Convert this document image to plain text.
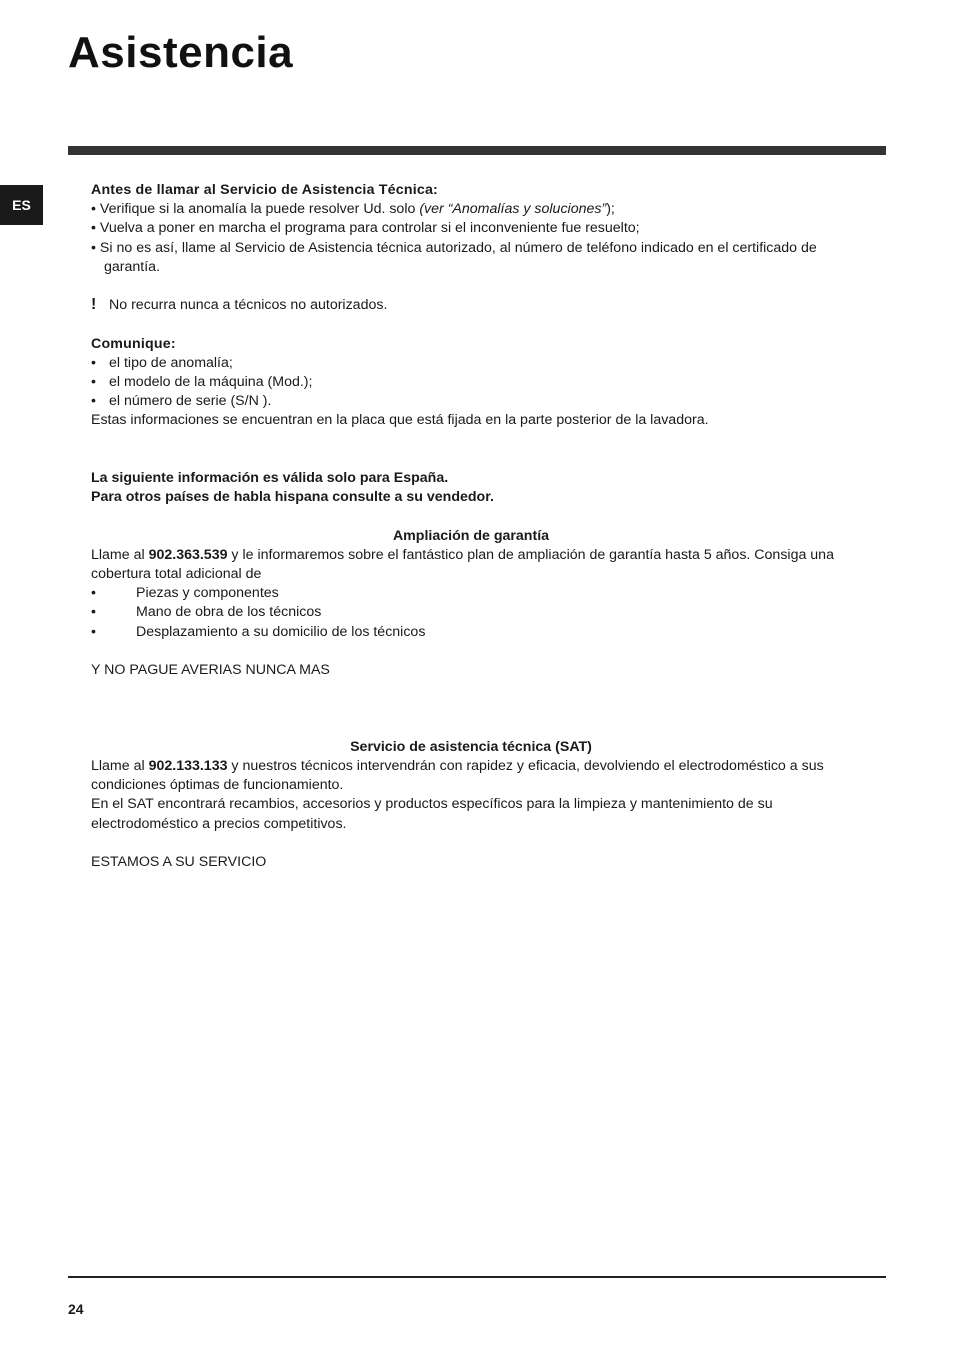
Asistencia
ES

Antes de llamar al Servicio de Asistencia Técnica:

• Verifique si la anomalía la puede resolver Ud. solo (ver “Anomalías y soluciones”);

• Vuelva a poner en marcha el programa para controlar si el inconveniente fue resuelto;

• Si no es así, llame al Servicio de Asistencia técnica autorizado, al número de teléfono indicado en el certificado de garantía.

! No recurra nunca a técnicos no autorizados.

Comunique:

• el tipo de anomalía;

• el modelo de la máquina (Mod.);

• el número de serie (S/N ).

Estas informaciones se encuentran en la placa que está fijada en la parte posterior de la lavadora.

La siguiente información es válida solo para España.

Para otros países de habla hispana consulte a su vendedor.

Ampliación de garantía

Llame al 902.363.539 y le informaremos sobre el fantástico plan de ampliación de garantía hasta 5 años. Consiga una cobertura total adicional de

•	Piezas y componentes

•	Mano de obra de los técnicos

•	Desplazamiento a su domicilio de los técnicos

Y NO PAGUE AVERIAS NUNCA MAS

Servicio de asistencia técnica (SAT)

Llame al 902.133.133 y nuestros técnicos intervendrán con rapidez y eficacia, devolviendo el electrodoméstico a sus condiciones óptimas de funcionamiento.

En el SAT encontrará recambios, accesorios y productos específicos para la limpieza y mantenimiento de su electrodoméstico a precios competitivos.

ESTAMOS A SU SERVICIO

24
